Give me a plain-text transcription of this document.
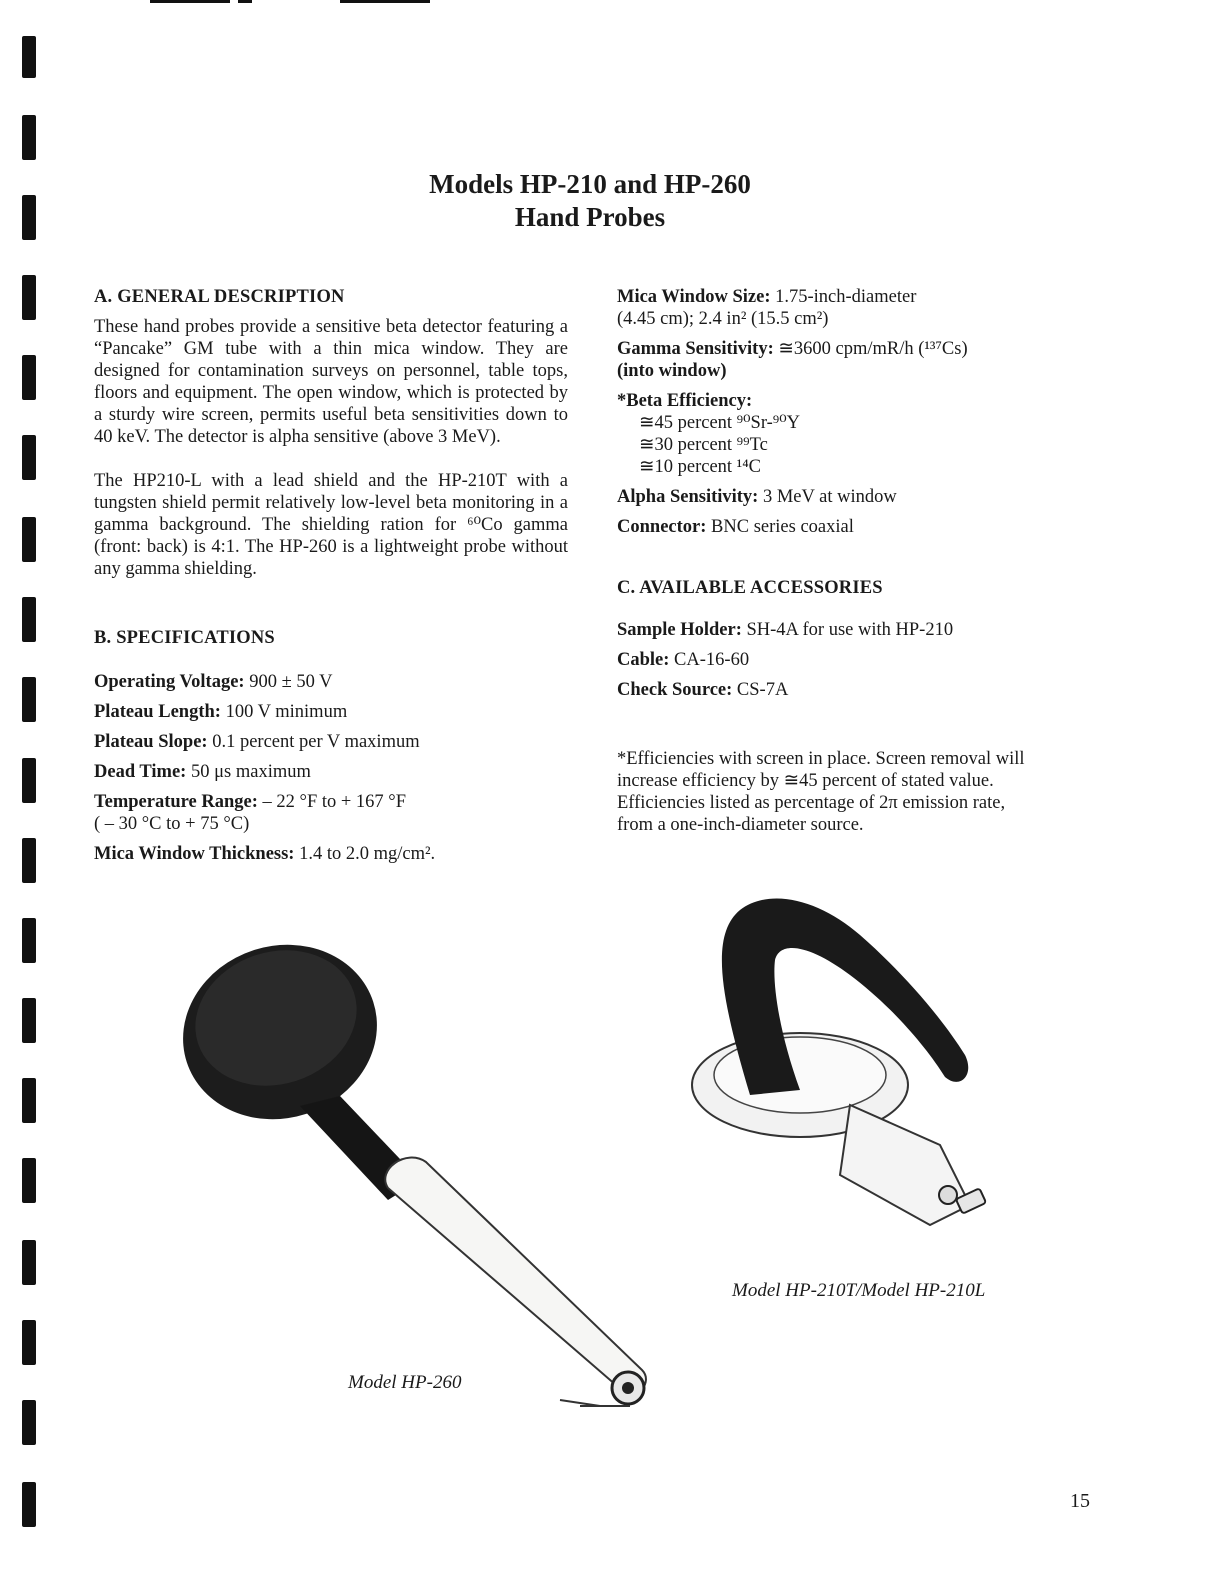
Models HP-210 and HP-260
Hand Probes
A. GENERAL DESCRIPTION

These hand probes provide a sensitive beta detector featuring a “Pancake” GM tube with a thin mica window. They are designed for contamination surveys on personnel, table tops, floors and equipment. The open window, which is protected by a sturdy wire screen, permits useful beta sensitivities down to 40 keV. The detector is alpha sensitive (above 3 MeV).

The HP210-L with a lead shield and the HP-210T with a tungsten shield permit relatively low-level beta monitoring in a gamma background. The shielding ration for ⁶⁰Co gamma (front: back) is 4:1. The HP-260 is a lightweight probe without any gamma shielding.

B. SPECIFICATIONS
Operating Voltage: 900 ± 50 V
Plateau Length: 100 V minimum
Plateau Slope: 0.1 percent per V maximum
Dead Time: 50 μs maximum
Temperature Range: – 22 °F to + 167 °F
( – 30 °C to + 75 °C)
Mica Window Thickness: 1.4 to 2.0 mg/cm².
Mica Window Size: 1.75-inch-diameter
(4.45 cm); 2.4 in² (15.5 cm²)
Gamma Sensitivity: ≅3600 cpm/mR/h (¹³⁷Cs)
(into window)
*Beta Efficiency:
≅45 percent ⁹⁰Sr-⁹⁰Y
≅30 percent ⁹⁹Tc
≅10 percent ¹⁴C
Alpha Sensitivity: 3 MeV at window
Connector: BNC series coaxial
C. AVAILABLE ACCESSORIES
Sample Holder: SH-4A for use with HP-210
Cable: CA-16-60
Check Source: CS-7A
*Efficiencies with screen in place. Screen removal will
increase efficiency by ≅45 percent of stated value.
Efficiencies listed as percentage of 2π emission rate,
from a one-inch-diameter source.
Model HP-260
Model HP-210T/Model HP-210L
15
